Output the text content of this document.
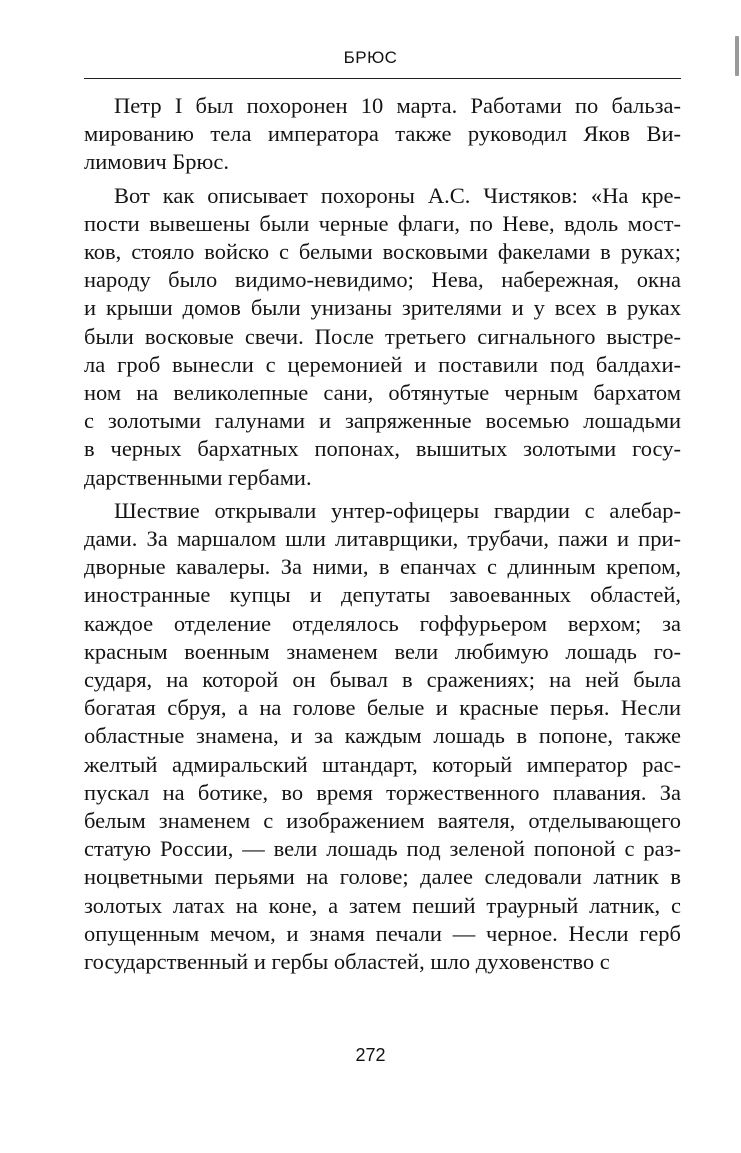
БРЮС
Петр I был похоронен 10 марта. Работами по бальза-
мированию тела императора также руководил Яков Ви-
лимович Брюс.
Вот как описывает похороны А.С. Чистяков: «На кре-
пости вывешены были черные флаги, по Неве, вдоль мост-
ков, стояло войско с белыми восковыми факелами в руках;
народу было видимо-невидимо; Нева, набережная, окна
и крыши домов были унизаны зрителями и у всех в руках
были восковые свечи. После третьего сигнального выстре-
ла гроб вынесли с церемонией и поставили под балдахи-
ном на великолепные сани, обтянутые черным бархатом
с золотыми галунами и запряженные восемью лошадьми
в черных бархатных попонах, вышитых золотыми госу-
дарственными гербами.
Шествие открывали унтер-офицеры гвардии с алебар-
дами. За маршалом шли литаврщики, трубачи, пажи и при-
дворные кавалеры. За ними, в епанчах с длинным крепом,
иностранные купцы и депутаты завоеванных областей,
каждое отделение отделялось гоффурьером верхом; за
красным военным знаменем вели любимую лошадь го-
сударя, на которой он бывал в сражениях; на ней была
богатая сбруя, а на голове белые и красные перья. Несли
областные знамена, и за каждым лошадь в попоне, также
желтый адмиральский штандарт, который император рас-
пускал на ботике, во время торжественного плавания. За
белым знаменем с изображением ваятеля, отделывающего
статую России, — вели лошадь под зеленой попоной с раз-
ноцветными перьями на голове; далее следовали латник в
золотых латах на коне, а затем пеший траурный латник, с
опущенным мечом, и знамя печали — черное. Несли герб
государственный и гербы областей, шло духовенство с
272
